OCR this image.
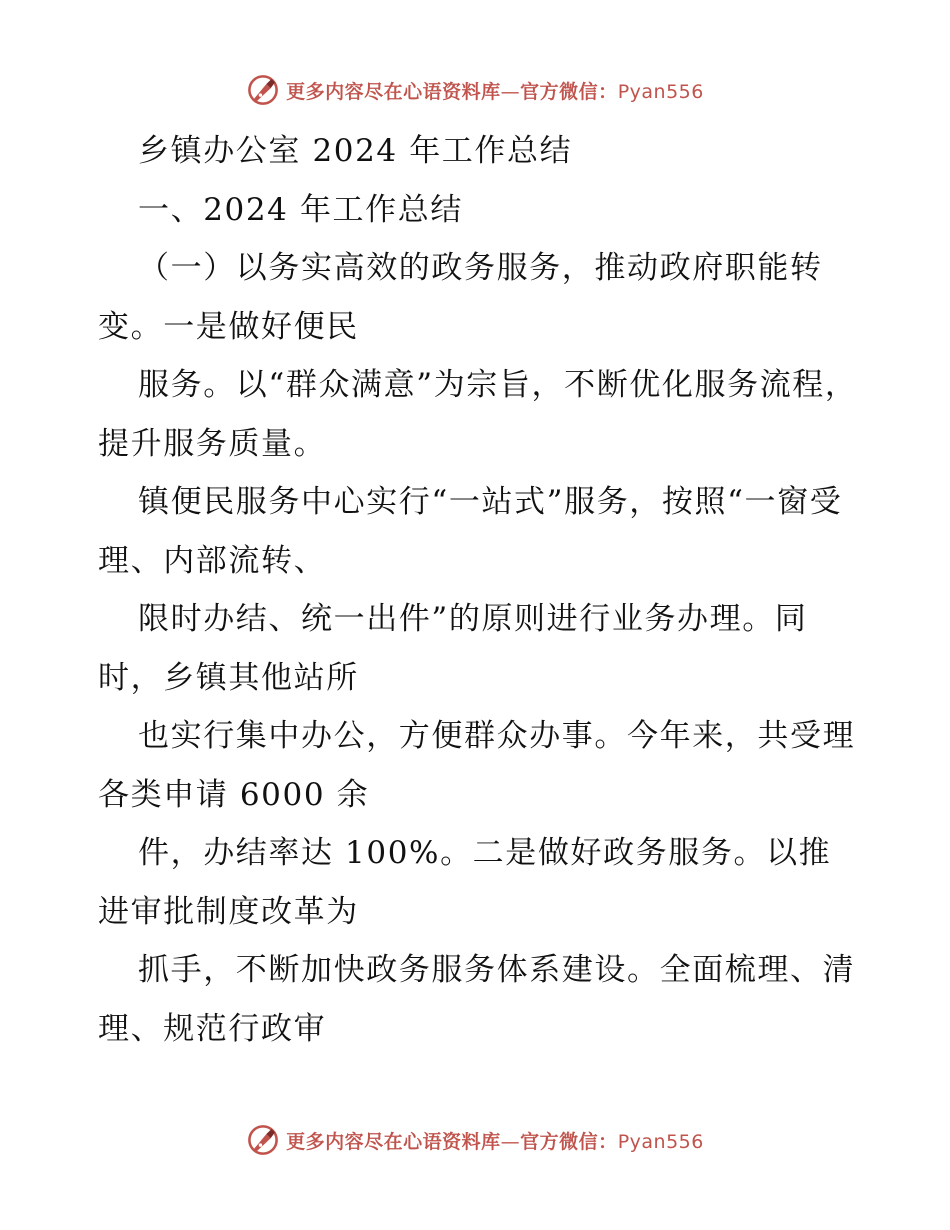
更多内容尽在心语资料库—官方微信：Pyan556

乡镇办公室 2024 年工作总结

一、2024 年工作总结

（一）以务实高效的政务服务，推动政府职能转变。一是做好便民

服务。以“群众满意”为宗旨，不断优化服务流程，提升服务质量。

镇便民服务中心实行“一站式”服务，按照“一窗受理、内部流转、

限时办结、统一出件”的原则进行业务办理。同时，乡镇其他站所

也实行集中办公，方便群众办事。今年来，共受理各类申请 6000 余

件，办结率达 100%。二是做好政务服务。以推进审批制度改革为

抓手，不断加快政务服务体系建设。全面梳理、清理、规范行政审

更多内容尽在心语资料库—官方微信：Pyan556
